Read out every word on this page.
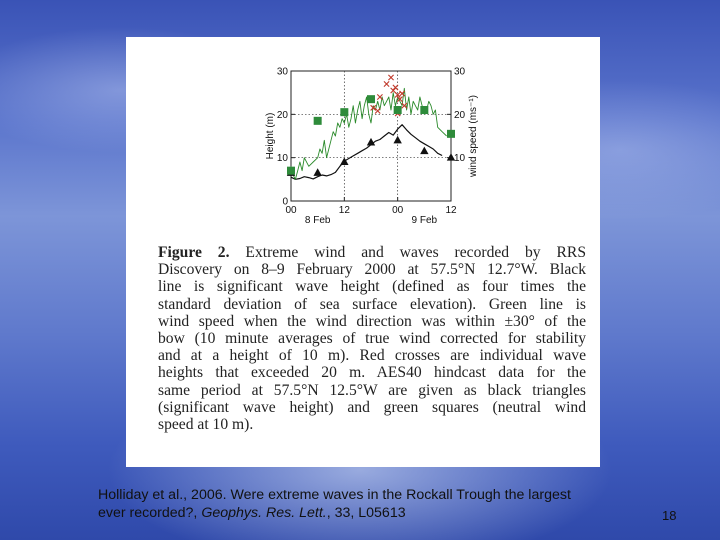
00	12	00	12
0
10
20
30
10
20
30
8 Feb	9 Feb
Height (m)	wind speed (ms⁻¹)
Figure 2. Extreme wind and waves recorded by RRS
Discovery on 8–9 February 2000 at 57.5°N 12.7°W. Black
line is significant wave height (defined as four times the
standard deviation of sea surface elevation). Green line is
wind speed when the wind direction was within ±30° of the
bow (10 minute averages of true wind corrected for stability
and at a height of 10 m). Red crosses are individual wave
heights that exceeded 20 m. AES40 hindcast data for the
same period at 57.5°N 12.5°W are given as black triangles
(significant wave height) and green squares (neutral wind
speed at 10 m).
Holliday et al., 2006. Were extreme waves in the Rockall Trough the largest
ever recorded?, Geophys. Res. Lett., 33, L05613	18
